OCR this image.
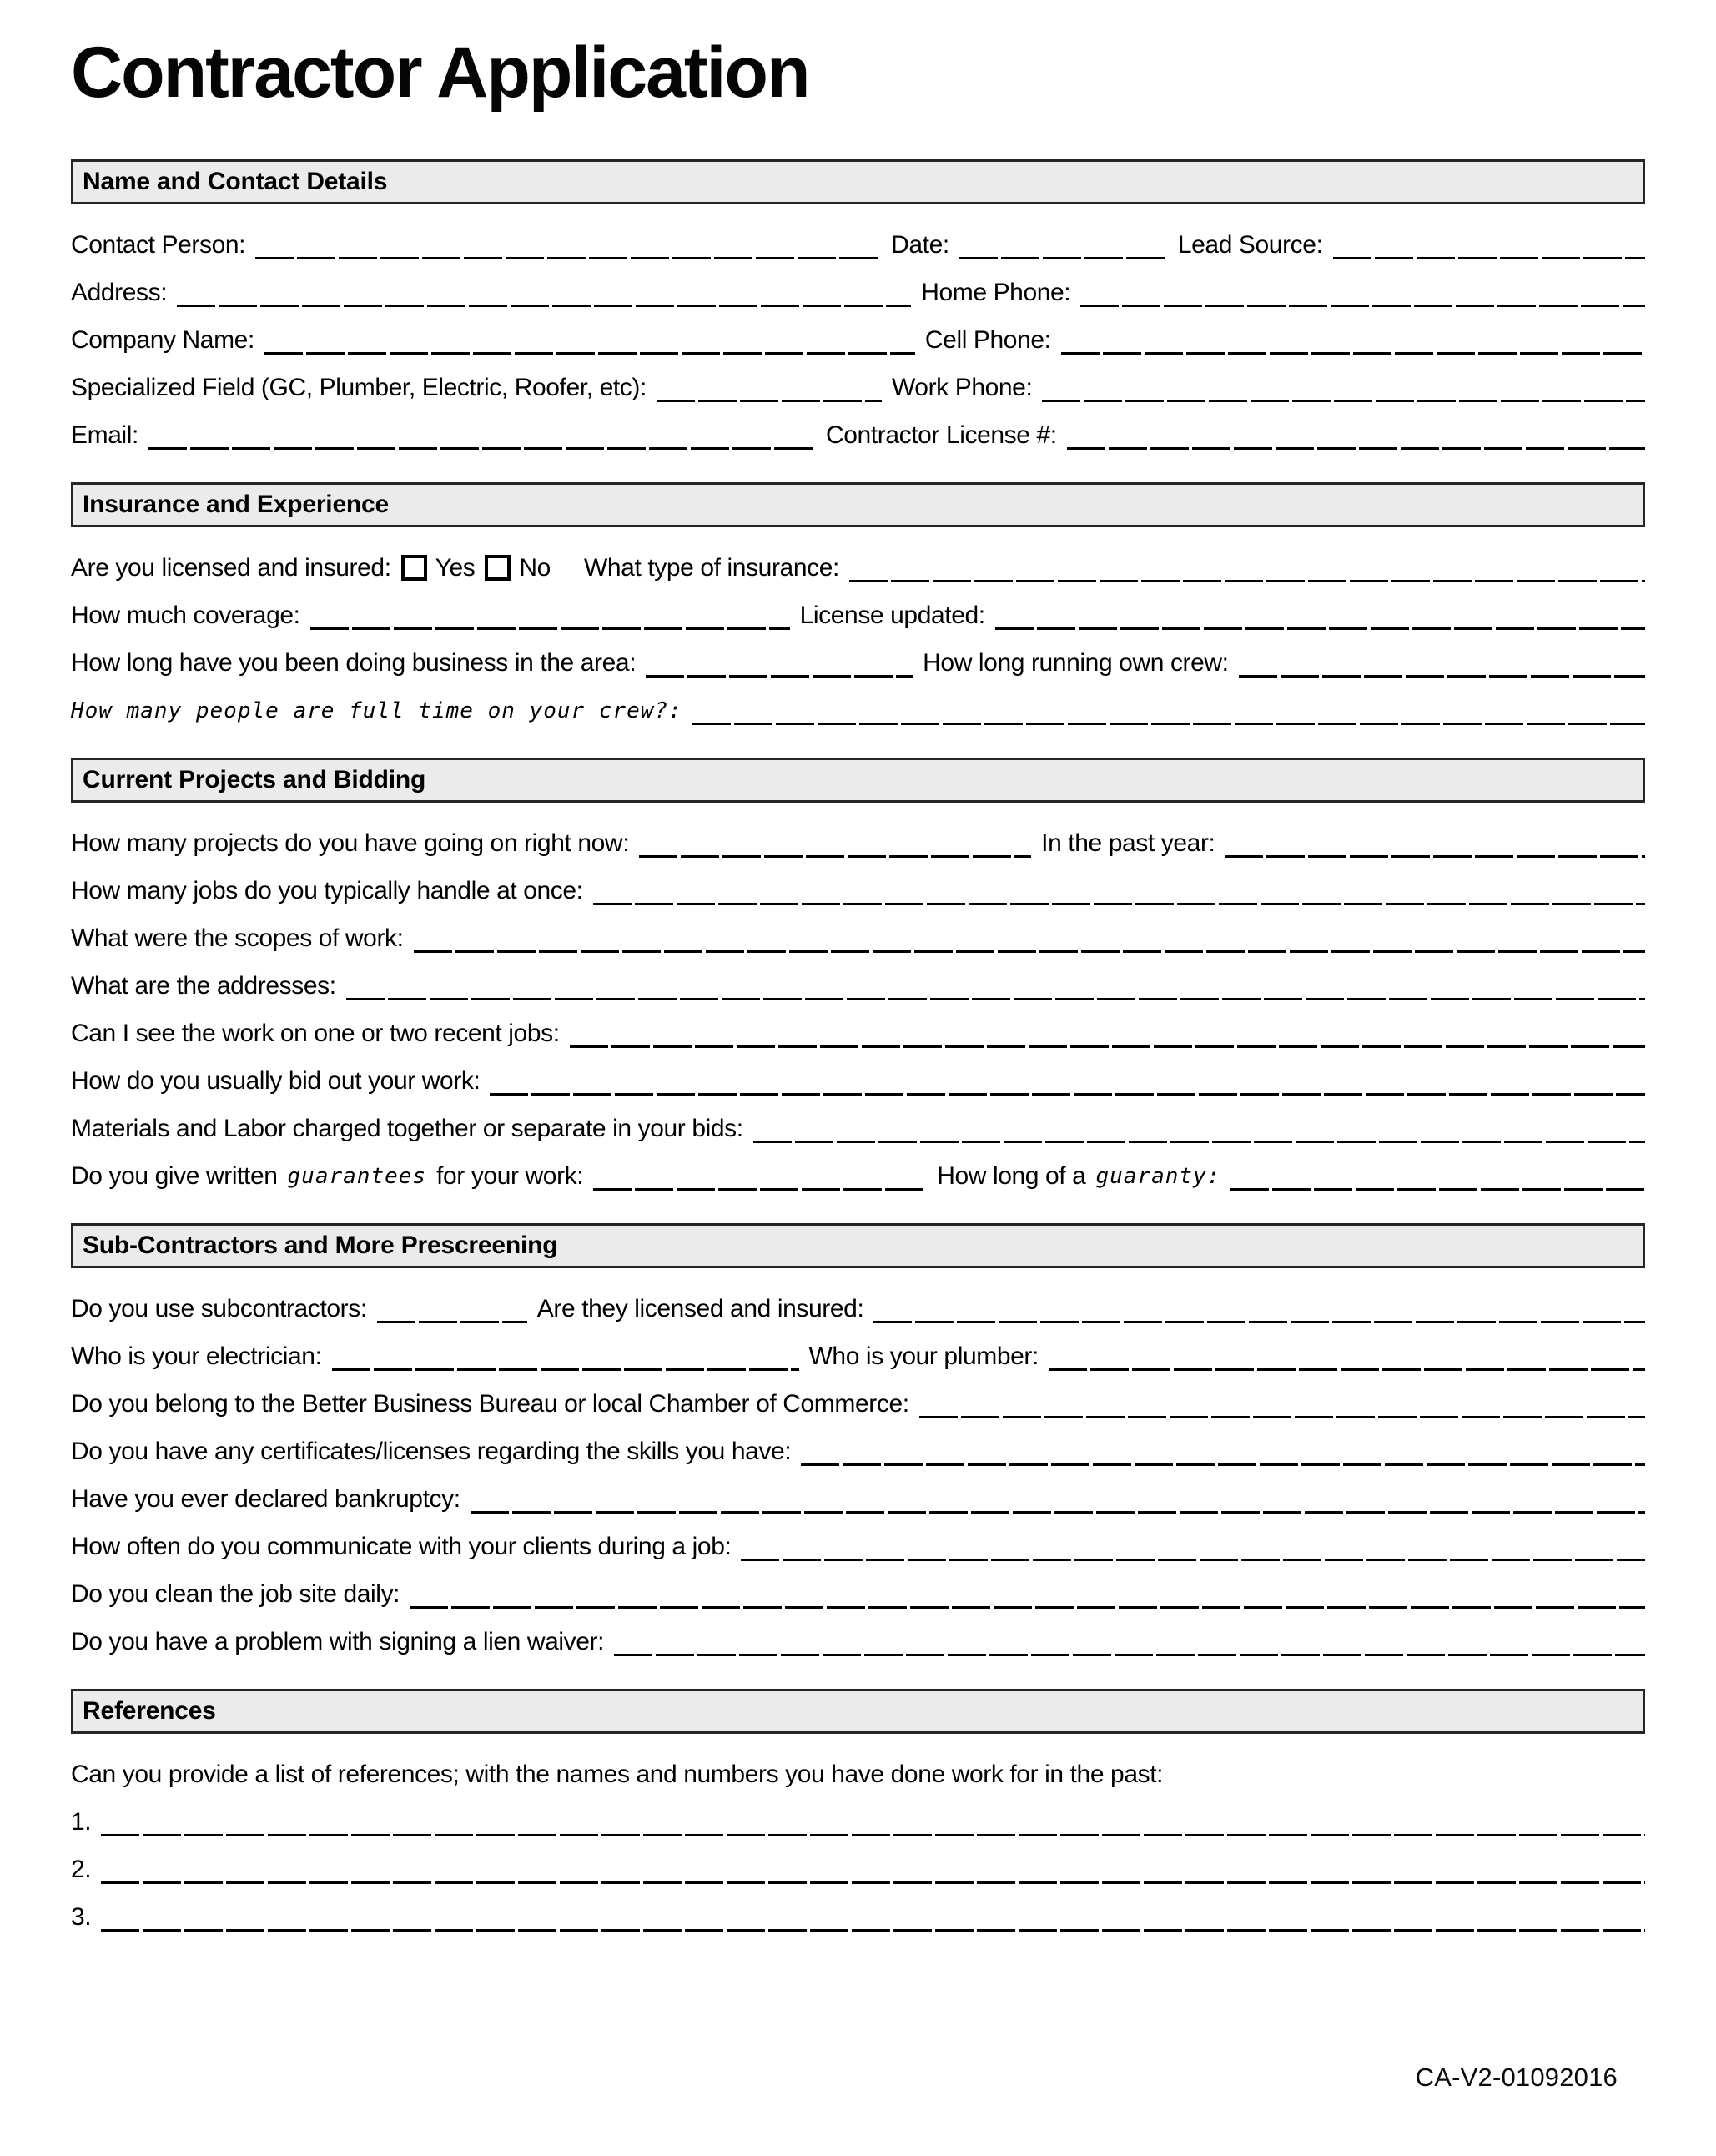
Contractor Application
Name and Contact Details
Contact Person:	Date:	Lead Source:
Address:	Home Phone:
Company Name:	Cell Phone:
Specialized Field (GC, Plumber, Electric, Roofer, etc):	Work Phone:
Email:	Contractor License #:
Insurance and Experience
Are you licensed and insured: Yes No What type of insurance:
How much coverage:	License updated:
How long have you been doing business in the area:	How long running own crew:
How many people are full time on your crew?:
Current Projects and Bidding
How many projects do you have going on right now:	In the past year:
How many jobs do you typically handle at once:
What were the scopes of work:
What are the addresses:
Can I see the work on one or two recent jobs:
How do you usually bid out your work:
Materials and Labor charged together or separate in your bids:
Do you give written guarantees for your work:	How long of a guaranty:
Sub-Contractors and More Prescreening
Do you use subcontractors:	Are they licensed and insured:
Who is your electrician:	Who is your plumber:
Do you belong to the Better Business Bureau or local Chamber of Commerce:
Do you have any certificates/licenses regarding the skills you have:
Have you ever declared bankruptcy:
How often do you communicate with your clients during a job:
Do you clean the job site daily:
Do you have a problem with signing a lien waiver:
References
Can you provide a list of references; with the names and numbers you have done work for in the past:
1.
2.
3.
CA-V2-01092016
